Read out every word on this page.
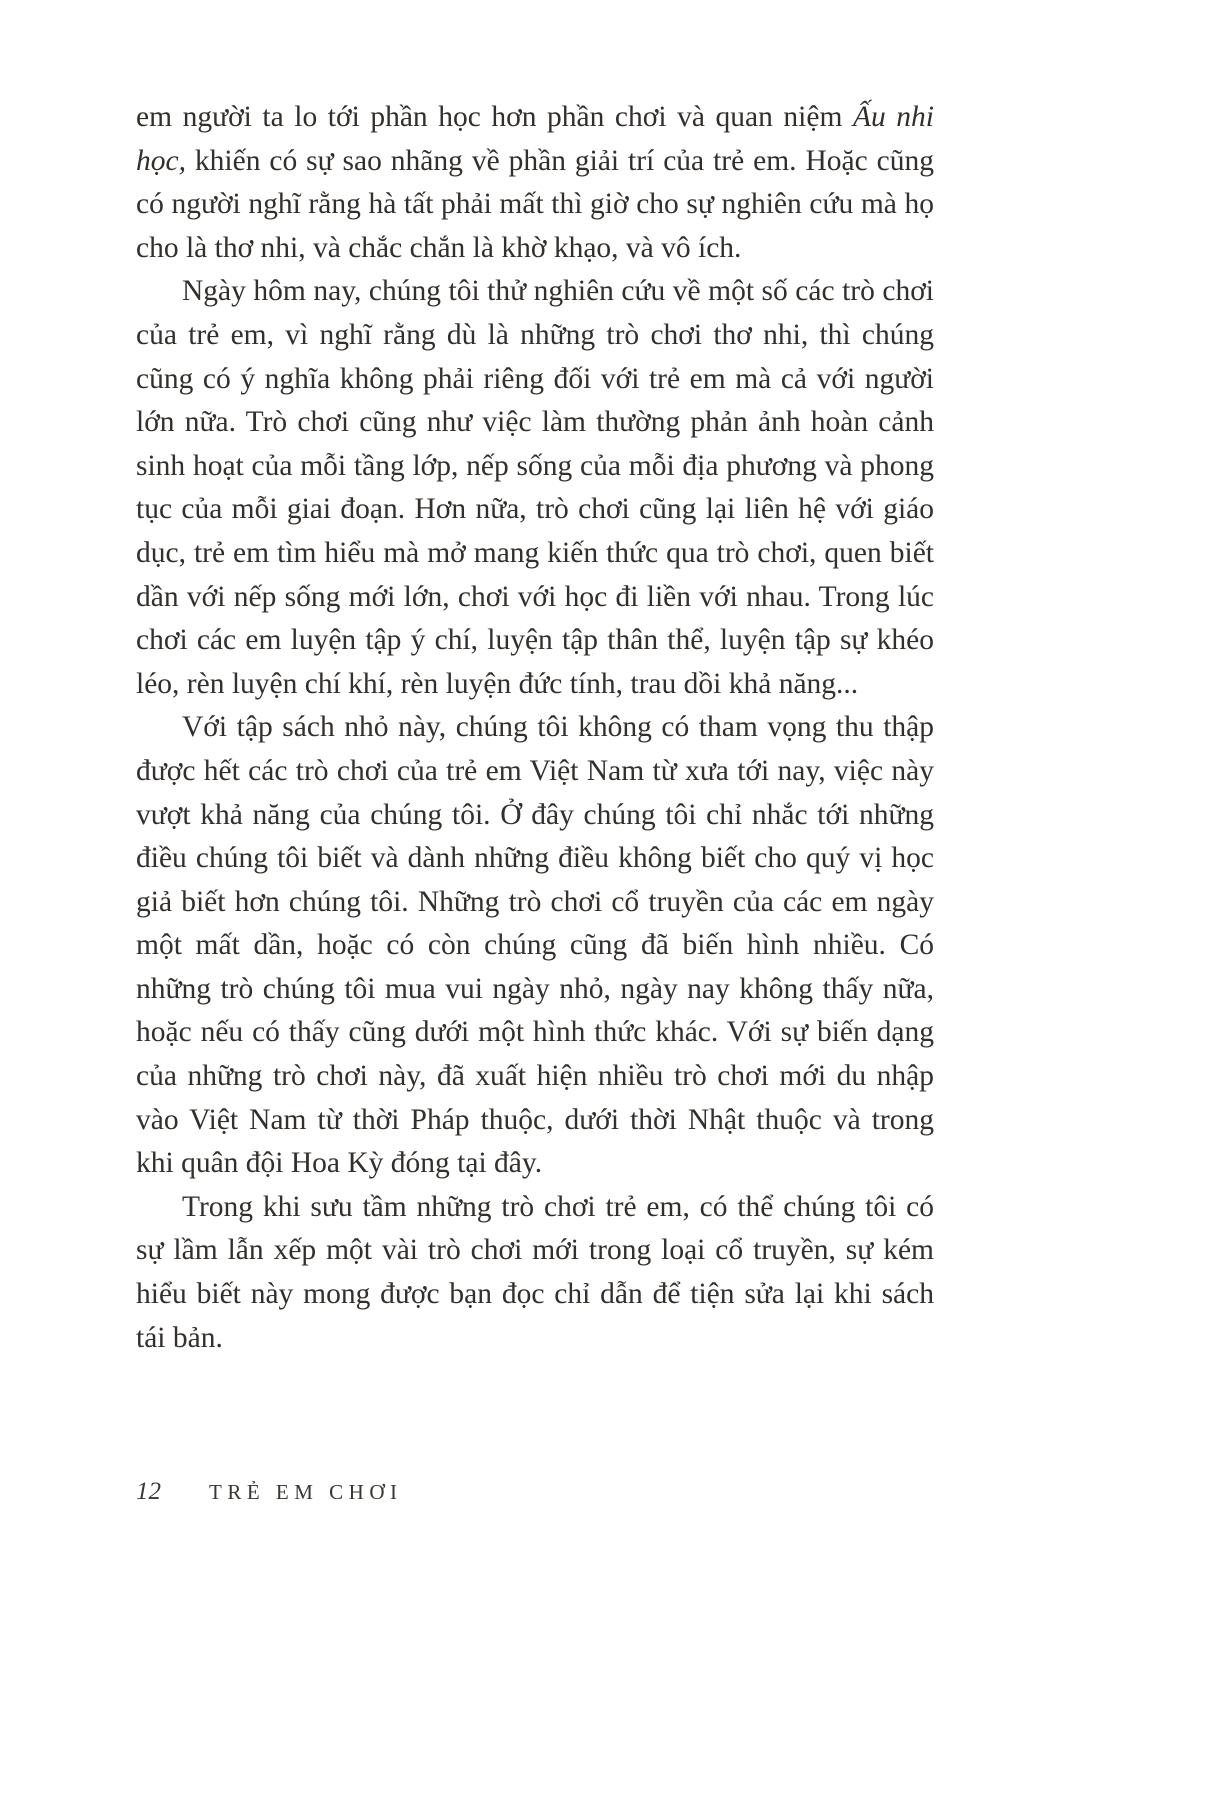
em người ta lo tới phần học hơn phần chơi và quan niệm Ấu nhi học, khiến có sự sao nhãng về phần giải trí của trẻ em. Hoặc cũng có người nghĩ rằng hà tất phải mất thì giờ cho sự nghiên cứu mà họ cho là thơ nhi, và chắc chắn là khờ khạo, và vô ích.

Ngày hôm nay, chúng tôi thử nghiên cứu về một số các trò chơi của trẻ em, vì nghĩ rằng dù là những trò chơi thơ nhi, thì chúng cũng có ý nghĩa không phải riêng đối với trẻ em mà cả với người lớn nữa. Trò chơi cũng như việc làm thường phản ảnh hoàn cảnh sinh hoạt của mỗi tầng lớp, nếp sống của mỗi địa phương và phong tục của mỗi giai đoạn. Hơn nữa, trò chơi cũng lại liên hệ với giáo dục, trẻ em tìm hiểu mà mở mang kiến thức qua trò chơi, quen biết dần với nếp sống mới lớn, chơi với học đi liền với nhau. Trong lúc chơi các em luyện tập ý chí, luyện tập thân thể, luyện tập sự khéo léo, rèn luyện chí khí, rèn luyện đức tính, trau dồi khả năng...

Với tập sách nhỏ này, chúng tôi không có tham vọng thu thập được hết các trò chơi của trẻ em Việt Nam từ xưa tới nay, việc này vượt khả năng của chúng tôi. Ở đây chúng tôi chỉ nhắc tới những điều chúng tôi biết và dành những điều không biết cho quý vị học giả biết hơn chúng tôi. Những trò chơi cổ truyền của các em ngày một mất dần, hoặc có còn chúng cũng đã biến hình nhiều. Có những trò chúng tôi mua vui ngày nhỏ, ngày nay không thấy nữa, hoặc nếu có thấy cũng dưới một hình thức khác. Với sự biến dạng của những trò chơi này, đã xuất hiện nhiều trò chơi mới du nhập vào Việt Nam từ thời Pháp thuộc, dưới thời Nhật thuộc và trong khi quân đội Hoa Kỳ đóng tại đây.

Trong khi sưu tầm những trò chơi trẻ em, có thể chúng tôi có sự lầm lẫn xếp một vài trò chơi mới trong loại cổ truyền, sự kém hiểu biết này mong được bạn đọc chỉ dẫn để tiện sửa lại khi sách tái bản.

12 TRẺ EM CHƠI
